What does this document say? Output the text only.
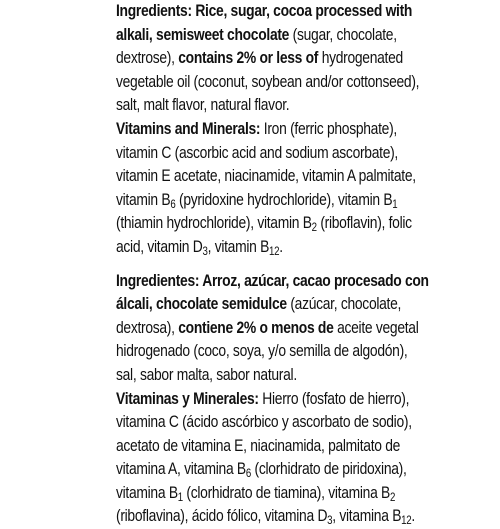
Ingredients: Rice, sugar, cocoa processed with
alkali, semisweet chocolate (sugar, chocolate,
dextrose), contains 2% or less of hydrogenated
vegetable oil (coconut, soybean and/or cottonseed),
salt, malt flavor, natural flavor.
Vitamins and Minerals: Iron (ferric phosphate),
vitamin C (ascorbic acid and sodium ascorbate),
vitamin E acetate, niacinamide, vitamin A palmitate,
vitamin $B_6$ (pyridoxine hydrochloride), vitamin $B_1$
(thiamin hydrochloride), vitamin $B_2$ (riboflavin), folic
acid, vitamin $D_3$, vitamin $B_{12}$.
Ingredientes: Arroz, azúcar, cacao procesado con
álcali, chocolate semidulce (azúcar, chocolate,
dextrosa), contiene 2% o menos de aceite vegetal
hidrogenado (coco, soya, y/o semilla de algodón),
sal, sabor malta, sabor natural.
Vitaminas y Minerales: Hierro (fosfato de hierro),
vitamina C (ácido ascórbico y ascorbato de sodio),
acetato de vitamina E, niacinamida, palmitato de
vitamina A, vitamina $B_6$ (clorhidrato de piridoxina),
vitamina $B_1$ (clorhidrato de tiamina), vitamina $B_2$
(riboflavina), ácido fólico, vitamina $D_3$, vitamina $B_{12}$.
